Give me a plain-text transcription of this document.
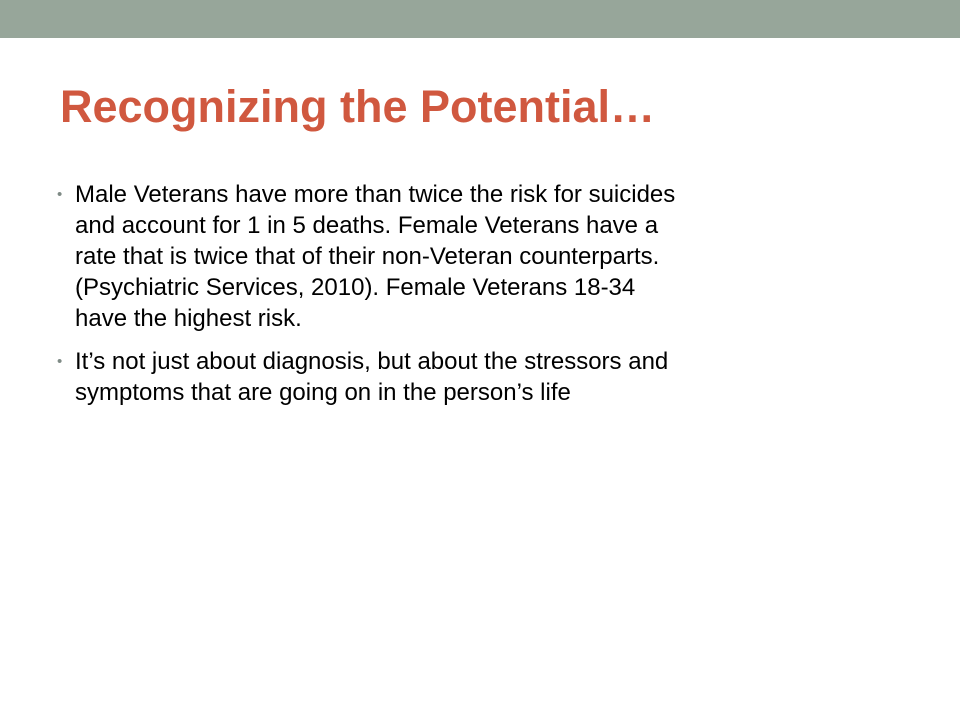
Recognizing the Potential…
• Male Veterans have more than twice the risk for suicides
and account for 1 in 5 deaths. Female Veterans have a
rate that is twice that of their non-Veteran counterparts.
(Psychiatric Services, 2010). Female Veterans 18-34
have the highest risk.
• It’s not just about diagnosis, but about the stressors and
symptoms that are going on in the person’s life
